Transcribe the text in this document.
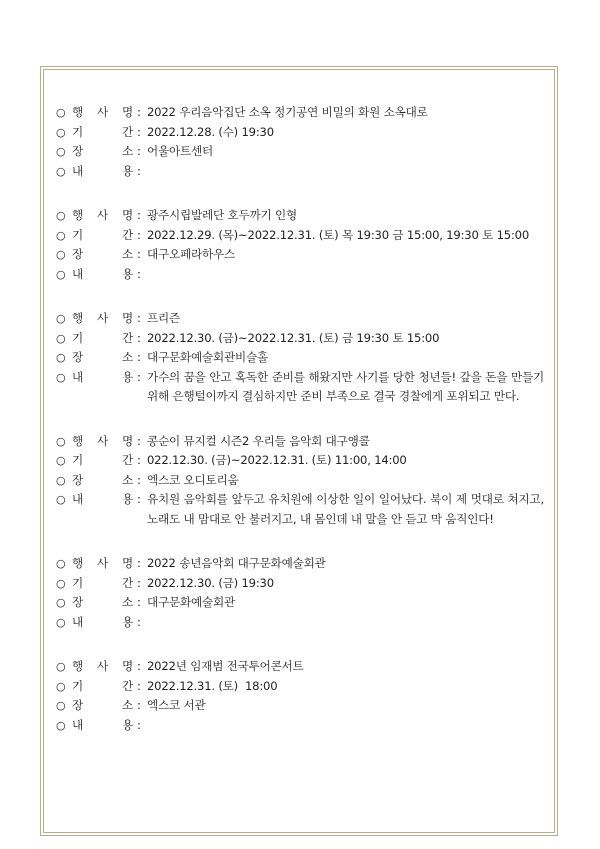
○ 행 사 명 : 2022 우리음악집단 소옥 정기공연 비밀의 화원 소옥대로
○ 기	간 : 2022.12.28. (수) 19:30
○ 장	소 : 어울아트센터
○ 내	용 :
○ 행 사 명 : 광주시립발레단 호두까기 인형
○ 기	간 : 2022.12.29. (목)~2022.12.31. (토) 목 19:30 금 15:00, 19:30 토 15:00
○ 장	소 : 대구오페라하우스
○ 내	용 :
○ 행 사 명 : 프리즌
○ 기	간 : 2022.12.30. (금)~2022.12.31. (토) 금 19:30 토 15:00
○ 장	소 : 대구문화예술회관비슬홀
○ 내	용 : 가수의 꿈을 안고 혹독한 준비를 해왔지만 사기를 당한 청년들! 갚을 돈을 만들기 위해 은행털이까지 결심하지만 준비 부족으로 결국 경찰에게 포위되고 만다.
○ 행 사 명 : 콩순이 뮤지컬 시즌2 우리들 음악회 대구앵콜
○ 기	간 : 022.12.30. (금)~2022.12.31. (토) 11:00, 14:00
○ 장	소 : 엑스코 오디토리움
○ 내	용 : 유치원 음악회를 앞두고 유치원에 이상한 일이 일어났다. 북이 제 멋대로 쳐지고, 노래도 내 맘대로 안 불러지고, 내 몸인데 내 말을 안 듣고 막 움직인다!
○ 행 사 명 : 2022 송년음악회 대구문화예술회관
○ 기	간 : 2022.12.30. (금) 19:30
○ 장	소 : 대구문화예술회관
○ 내	용 :
○ 행 사 명 : 2022년 임재범 전국투어콘서트
○ 기	간 : 2022.12.31. (토)  18:00
○ 장	소 : 엑스코 서관
○ 내	용 :
